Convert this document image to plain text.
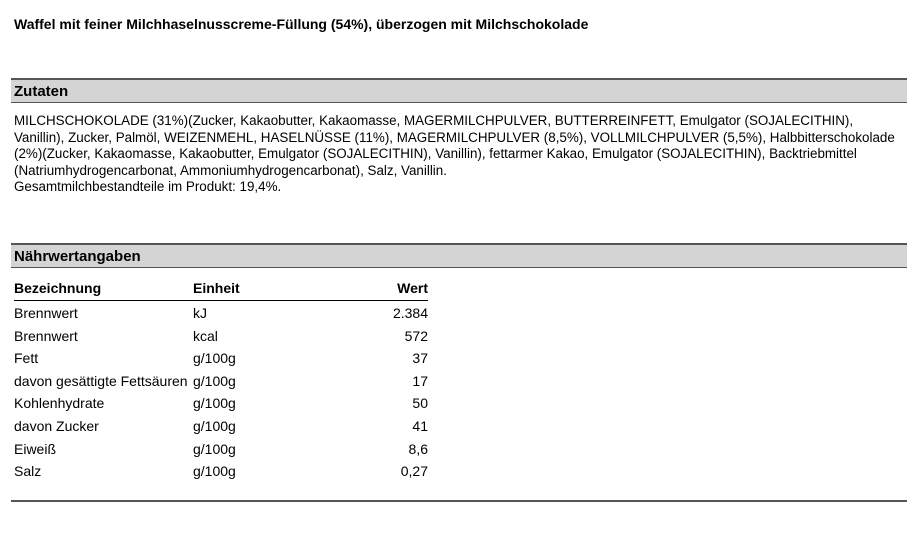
Waffel mit feiner Milchhaselnusscreme-Füllung (54%), überzogen mit Milchschokolade
Zutaten

MILCHSCHOKOLADE (31%)(Zucker, Kakaobutter, Kakaomasse, MAGERMILCHPULVER, BUTTERREINFETT, Emulgator (SOJALECITHIN), Vanillin), Zucker, Palmöl, WEIZENMEHL, HASELNÜSSE (11%), MAGERMILCHPULVER (8,5%), VOLLMILCHPULVER (5,5%), Halbbitterschokolade (2%)(Zucker, Kakaomasse, Kakaobutter, Emulgator (SOJALECITHIN), Vanillin), fettarmer Kakao, Emulgator (SOJALECITHIN), Backtriebmittel (Natriumhydrogencarbonat, Ammoniumhydrogencarbonat), Salz, Vanillin.

Gesamtmilchbestandteile im Produkt: 19,4%.

Nährwertangaben
Bezeichnung	Einheit	Wert
Brennwert	kJ	2.384
Brennwert	kcal	572
Fett	g/100g	37
davon gesättigte Fettsäuren	g/100g	17
Kohlenhydrate	g/100g	50
davon Zucker	g/100g	41
Eiweiß	g/100g	8,6
Salz	g/100g	0,27
